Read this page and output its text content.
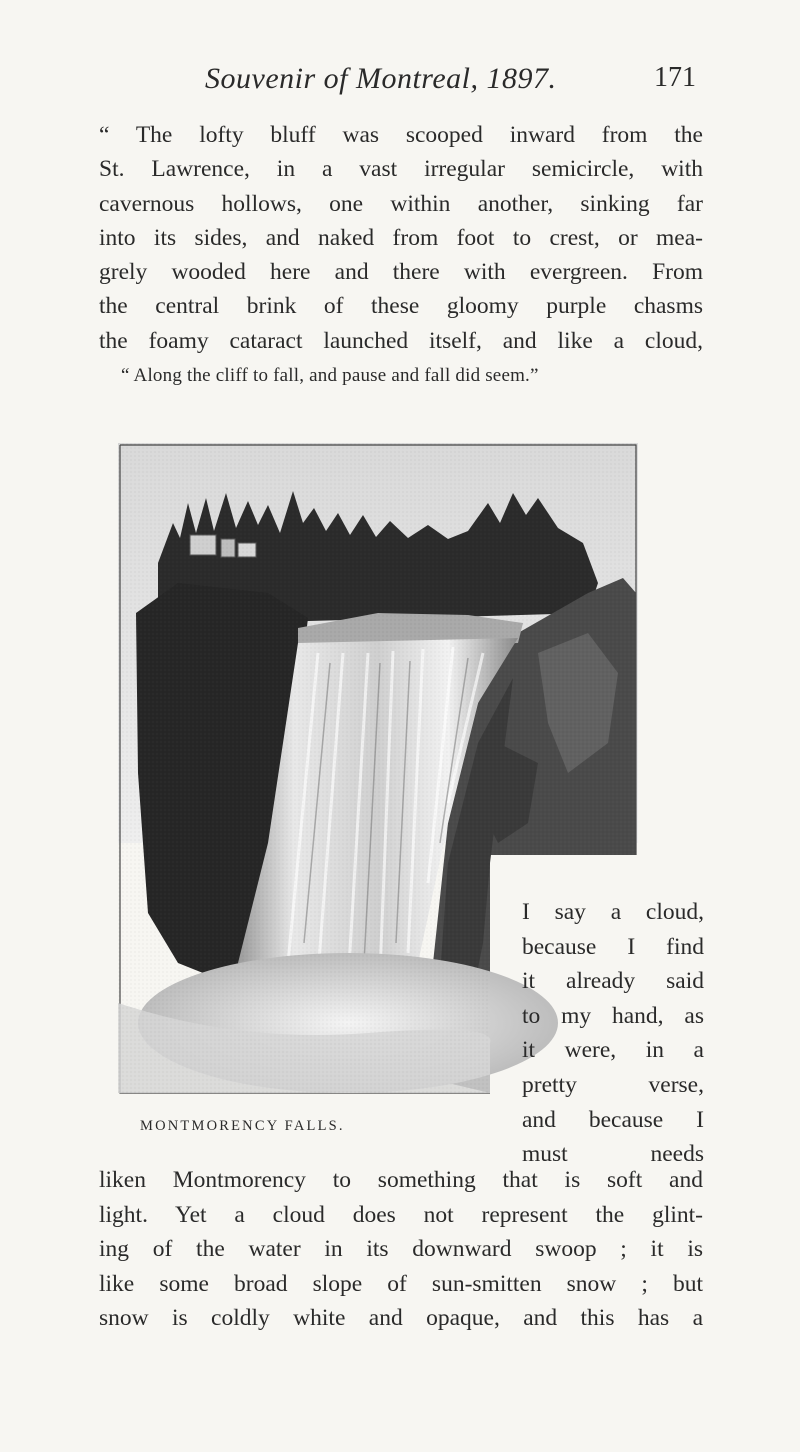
Souvenir of Montreal, 1897.	171
“ The lofty bluff was scooped inward from the
St. Lawrence, in a vast irregular semicircle, with
cavernous hollows, one within another, sinking far
into its sides, and naked from foot to crest, or mea-
grely wooded here and there with evergreen. From
the central brink of these gloomy purple chasms
the foamy cataract launched itself, and like a cloud,
“ Along the cliff to fall, and pause and fall did seem.”
MONTMORENCY FALLS.
I say a cloud,
because I find
it already said
to my hand, as
it were, in a
pretty verse,
and because I
must needs
liken Montmorency to something that is soft and
light. Yet a cloud does not represent the glint-
ing of the water in its downward swoop ; it is
like some broad slope of sun-smitten snow ; but
snow is coldly white and opaque, and this has a
